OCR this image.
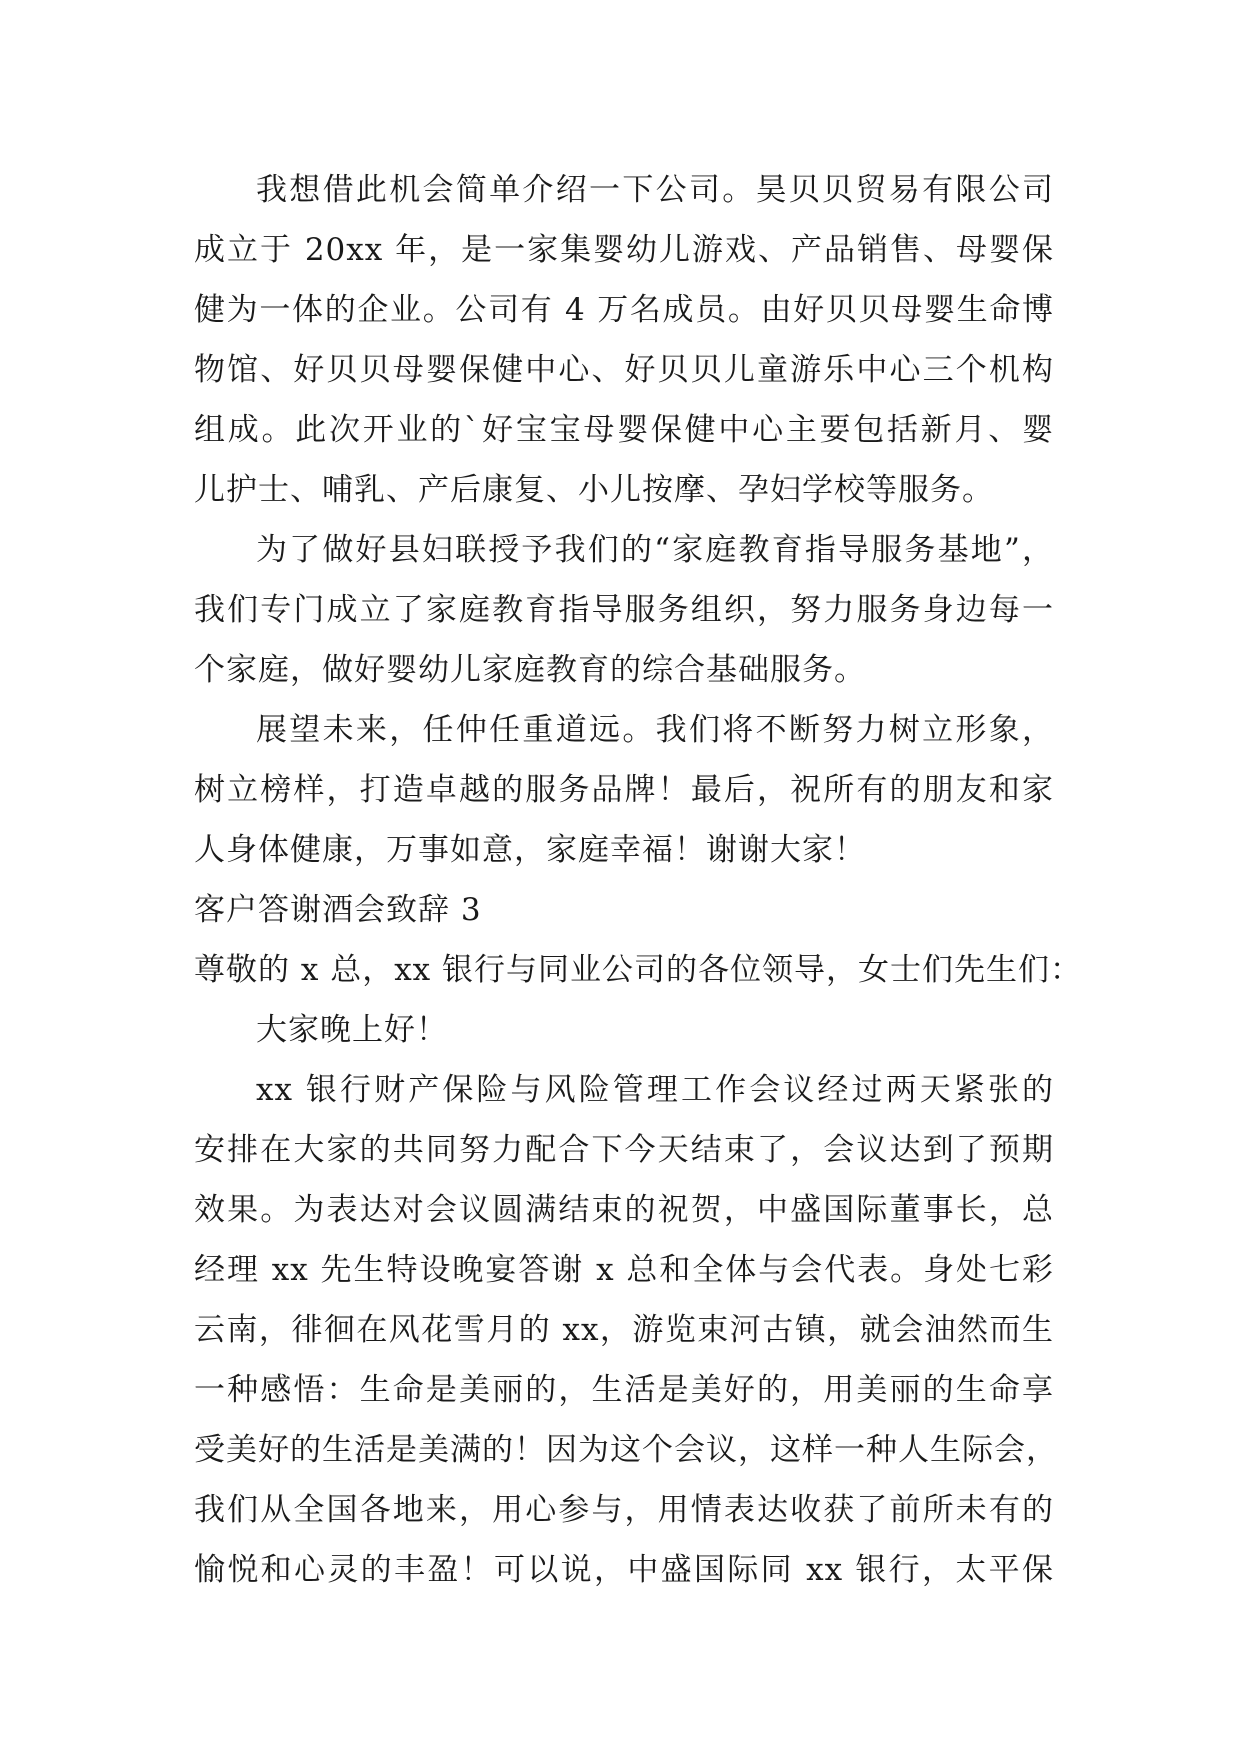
我想借此机会简单介绍一下公司。昊贝贝贸易有限公司
成立于 20xx 年，是一家集婴幼儿游戏、产品销售、母婴保
健为一体的企业。公司有 4 万名成员。由好贝贝母婴生命博
物馆、好贝贝母婴保健中心、好贝贝儿童游乐中心三个机构
组成。此次开业的`好宝宝母婴保健中心主要包括新月、婴
儿护士、哺乳、产后康复、小儿按摩、孕妇学校等服务。
为了做好县妇联授予我们的“家庭教育指导服务基地”，
我们专门成立了家庭教育指导服务组织，努力服务身边每一
个家庭，做好婴幼儿家庭教育的综合基础服务。
展望未来，任仲任重道远。我们将不断努力树立形象，
树立榜样，打造卓越的服务品牌！最后，祝所有的朋友和家
人身体健康，万事如意，家庭幸福！谢谢大家！
客户答谢酒会致辞 3
尊敬的 x 总，xx 银行与同业公司的各位领导，女士们先生们：
大家晚上好！
xx 银行财产保险与风险管理工作会议经过两天紧张的
安排在大家的共同努力配合下今天结束了，会议达到了预期
效果。为表达对会议圆满结束的祝贺，中盛国际董事长，总
经理 xx 先生特设晚宴答谢 x 总和全体与会代表。身处七彩
云南，徘徊在风花雪月的 xx，游览束河古镇，就会油然而生
一种感悟：生命是美丽的，生活是美好的，用美丽的生命享
受美好的生活是美满的！因为这个会议，这样一种人生际会，
我们从全国各地来，用心参与，用情表达收获了前所未有的
愉悦和心灵的丰盈！可以说，中盛国际同 xx 银行，太平保
